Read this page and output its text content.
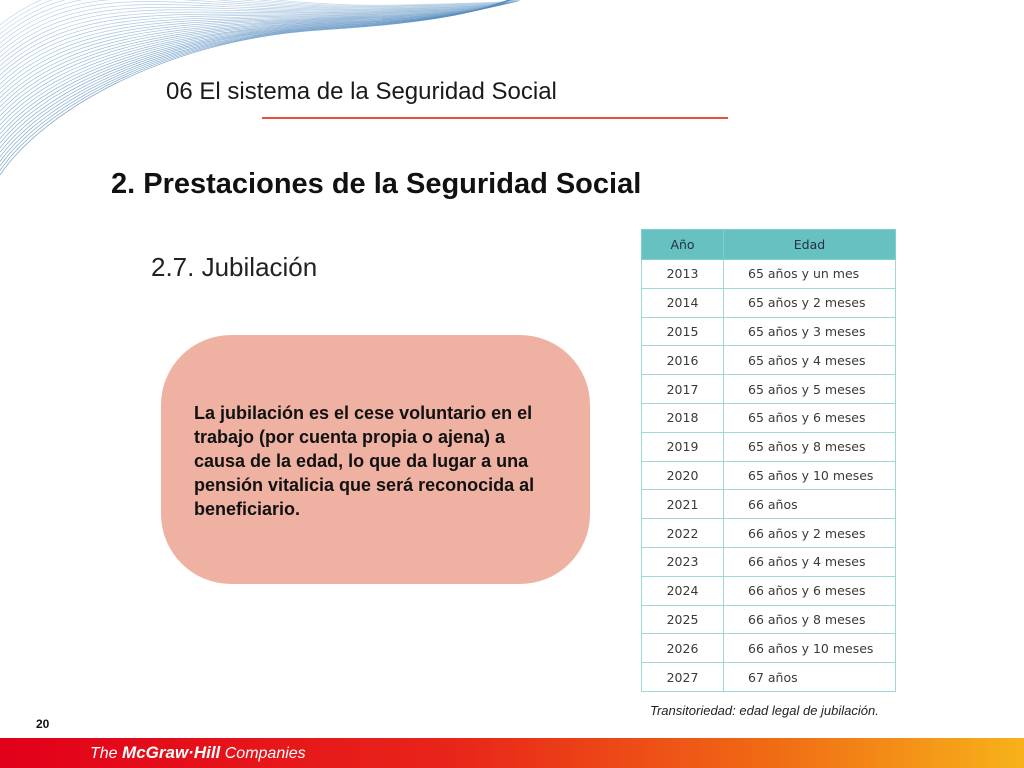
06 El sistema de la Seguridad Social
2. Prestaciones de la Seguridad Social
2.7. Jubilación
La jubilación es el cese voluntario en el trabajo (por cuenta propia o ajena) a causa de la edad, lo que da lugar a una pensión vitalicia que será reconocida al beneficiario.
Año	Edad
2013	65 años y un mes
2014	65 años y 2 meses
2015	65 años y 3 meses
2016	65 años y 4 meses
2017	65 años y 5 meses
2018	65 años y 6 meses
2019	65 años y 8 meses
2020	65 años y 10 meses
2021	66 años
2022	66 años y 2 meses
2023	66 años y 4 meses
2024	66 años y 6 meses
2025	66 años y 8 meses
2026	66 años y 10 meses
2027	67 años
Transitoriedad: edad legal de jubilación.
20
The McGraw·Hill Companies
